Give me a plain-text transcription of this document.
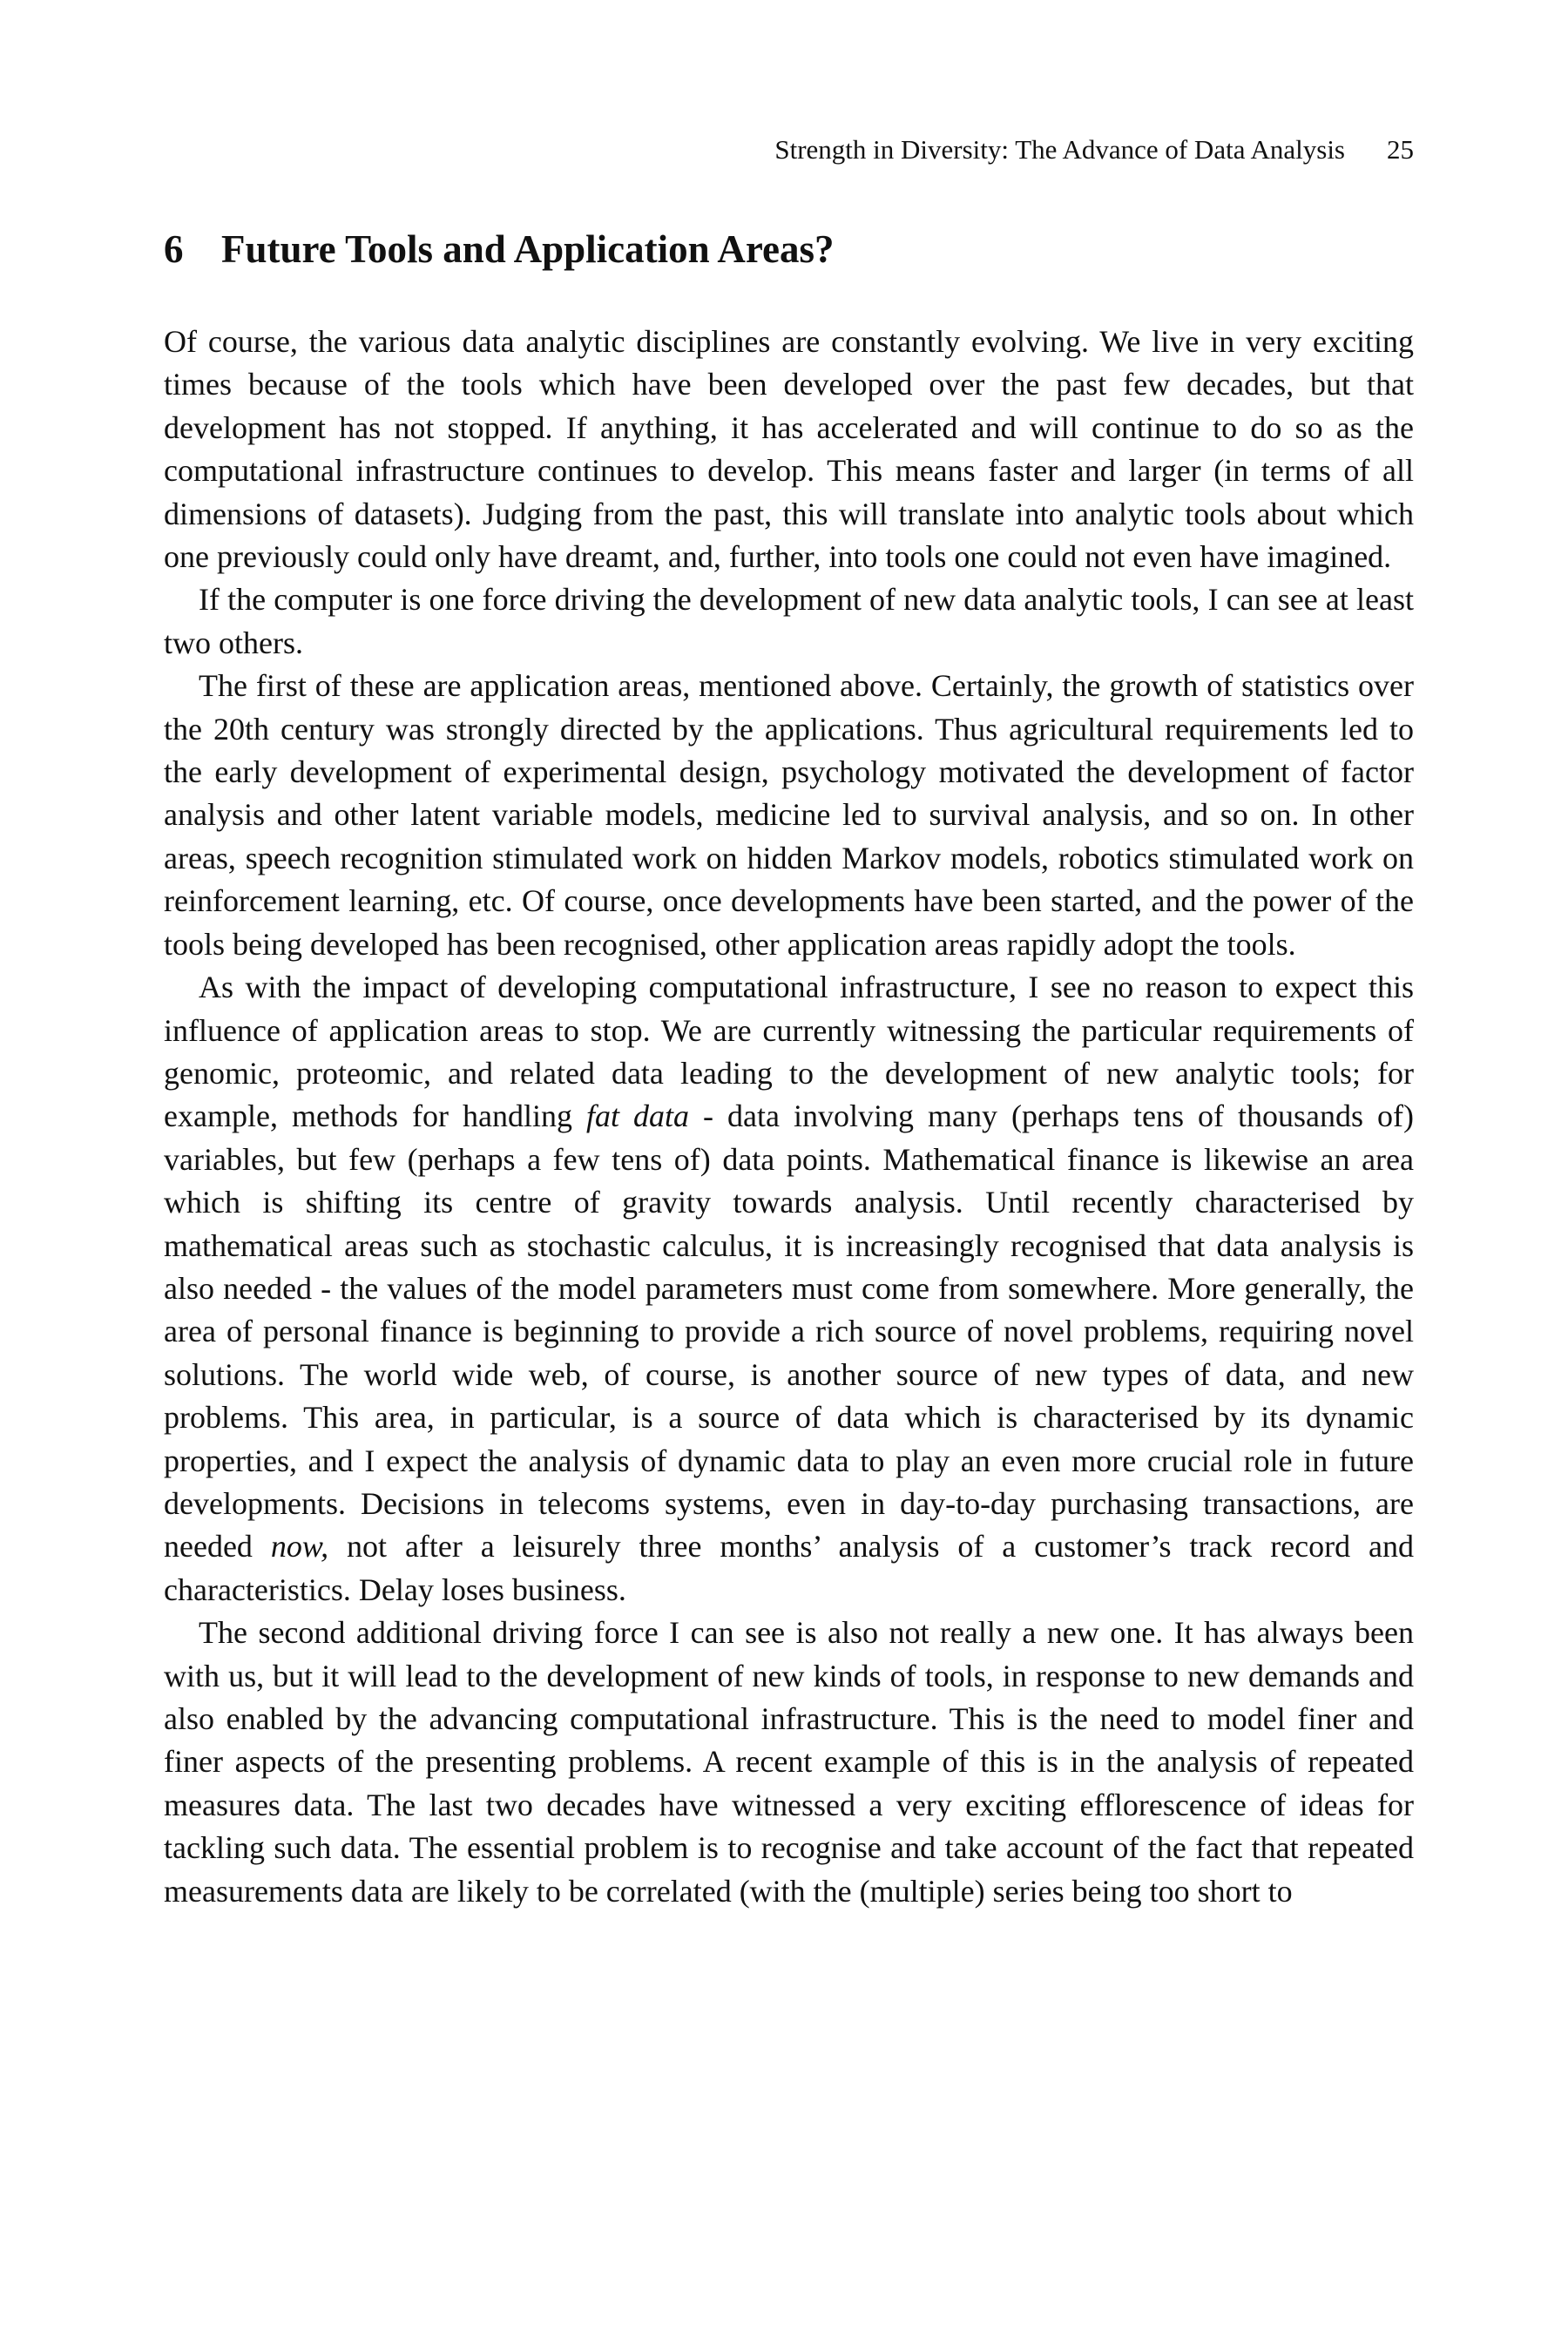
Strength in Diversity: The Advance of Data Analysis 25
6 Future Tools and Application Areas?

Of course, the various data analytic disciplines are constantly evolving. We live in very exciting times because of the tools which have been developed over the past few decades, but that development has not stopped. If anything, it has accelerated and will continue to do so as the computational infrastructure continues to develop. This means faster and larger (in terms of all dimensions of datasets). Judging from the past, this will translate into analytic tools about which one previously could only have dreamt, and, further, into tools one could not even have imagined.

If the computer is one force driving the development of new data analytic tools, I can see at least two others.

The first of these are application areas, mentioned above. Certainly, the growth of statistics over the 20th century was strongly directed by the applications. Thus agricultural requirements led to the early development of experimental design, psychology motivated the development of factor analysis and other latent variable models, medicine led to survival analysis, and so on. In other areas, speech recognition stimulated work on hidden Markov models, robotics stimulated work on reinforcement learning, etc. Of course, once developments have been started, and the power of the tools being developed has been recognised, other application areas rapidly adopt the tools.

As with the impact of developing computational infrastructure, I see no reason to expect this influence of application areas to stop. We are currently witnessing the particular requirements of genomic, proteomic, and related data leading to the development of new analytic tools; for example, methods for handling fat data - data involving many (perhaps tens of thousands of) variables, but few (perhaps a few tens of) data points. Mathematical finance is likewise an area which is shifting its centre of gravity towards analysis. Until recently characterised by mathematical areas such as stochastic calculus, it is increasingly recognised that data analysis is also needed - the values of the model parameters must come from somewhere. More generally, the area of personal finance is beginning to provide a rich source of novel problems, requiring novel solutions. The world wide web, of course, is another source of new types of data, and new problems. This area, in particular, is a source of data which is characterised by its dynamic properties, and I expect the analysis of dynamic data to play an even more crucial role in future developments. Decisions in telecoms systems, even in day-to-day purchasing transactions, are needed now, not after a leisurely three months’ analysis of a customer’s track record and characteristics. Delay loses business.

The second additional driving force I can see is also not really a new one. It has always been with us, but it will lead to the development of new kinds of tools, in response to new demands and also enabled by the advancing computational infrastructure. This is the need to model finer and finer aspects of the presenting problems. A recent example of this is in the analysis of repeated measures data. The last two decades have witnessed a very exciting efflorescence of ideas for tackling such data. The essential problem is to recognise and take account of the fact that repeated measurements data are likely to be correlated (with the (multiple) series being too short to
